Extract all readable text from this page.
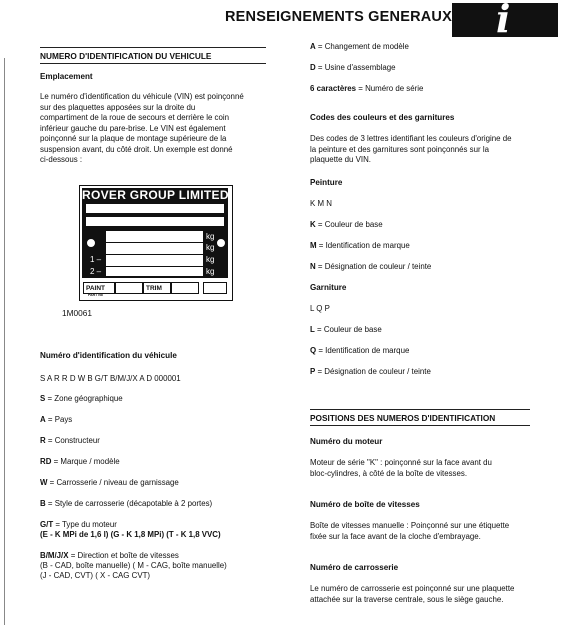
RENSEIGNEMENTS GENERAUX i
NUMERO D'IDENTIFICATION DU VEHICULE
Emplacement
Le numéro d'identification du véhicule (VIN) est poinçonné
sur des plaquettes apposées sur la droite du
compartiment de la roue de secours et derrière le coin
inférieur gauche du pare-brise. Le VIN est également
poinçonné sur la plaque de montage supérieure de la
suspension avant, du côté droit. Un exemple est donné
ci-dessous :
ROVER GROUP LIMITED
kg
kg
kg
kg
1 –
2 –
PAINT	TRIM
PART No
1M0061
Numéro d'identification du véhicule
S A R R D W B G/T B/M/J/X A D 000001
S = Zone géographique
A = Pays
R = Constructeur
RD = Marque / modèle
W = Carrosserie / niveau de garnissage
B = Style de carrosserie (décapotable à 2 portes)
G/T = Type du moteur
(E - K MPi de 1,6 l) (G - K 1,8 MPi) (T - K 1,8 VVC)
B/M/J/X = Direction et boîte de vitesses
(B - CAD, boîte manuelle) ( M - CAG, boîte manuelle)
(J - CAD, CVT) ( X - CAG CVT)
A = Changement de modèle
D = Usine d'assemblage
6 caractères = Numéro de série
Codes des couleurs et des garnitures
Des codes de 3 lettres identifiant les couleurs d'origine de
la peinture et des garnitures sont poinçonnés sur la
plaquette du VIN.
Peinture
K M N
K = Couleur de base
M = Identification de marque
N = Désignation de couleur / teinte
Garniture
L Q P
L = Couleur de base
Q = Identification de marque
P = Désignation de couleur / teinte
POSITIONS DES NUMEROS D'IDENTIFICATION
Numéro du moteur
Moteur de série "K" : poinçonné sur la face avant du
bloc-cylindres, à côté de la boîte de vitesses.
Numéro de boîte de vitesses
Boîte de vitesses manuelle : Poinçonné sur une étiquette
fixée sur la face avant de la cloche d'embrayage.
Numéro de carrosserie
Le numéro de carrosserie est poinçonné sur une plaquette
attachée sur la traverse centrale, sous le siège gauche.
